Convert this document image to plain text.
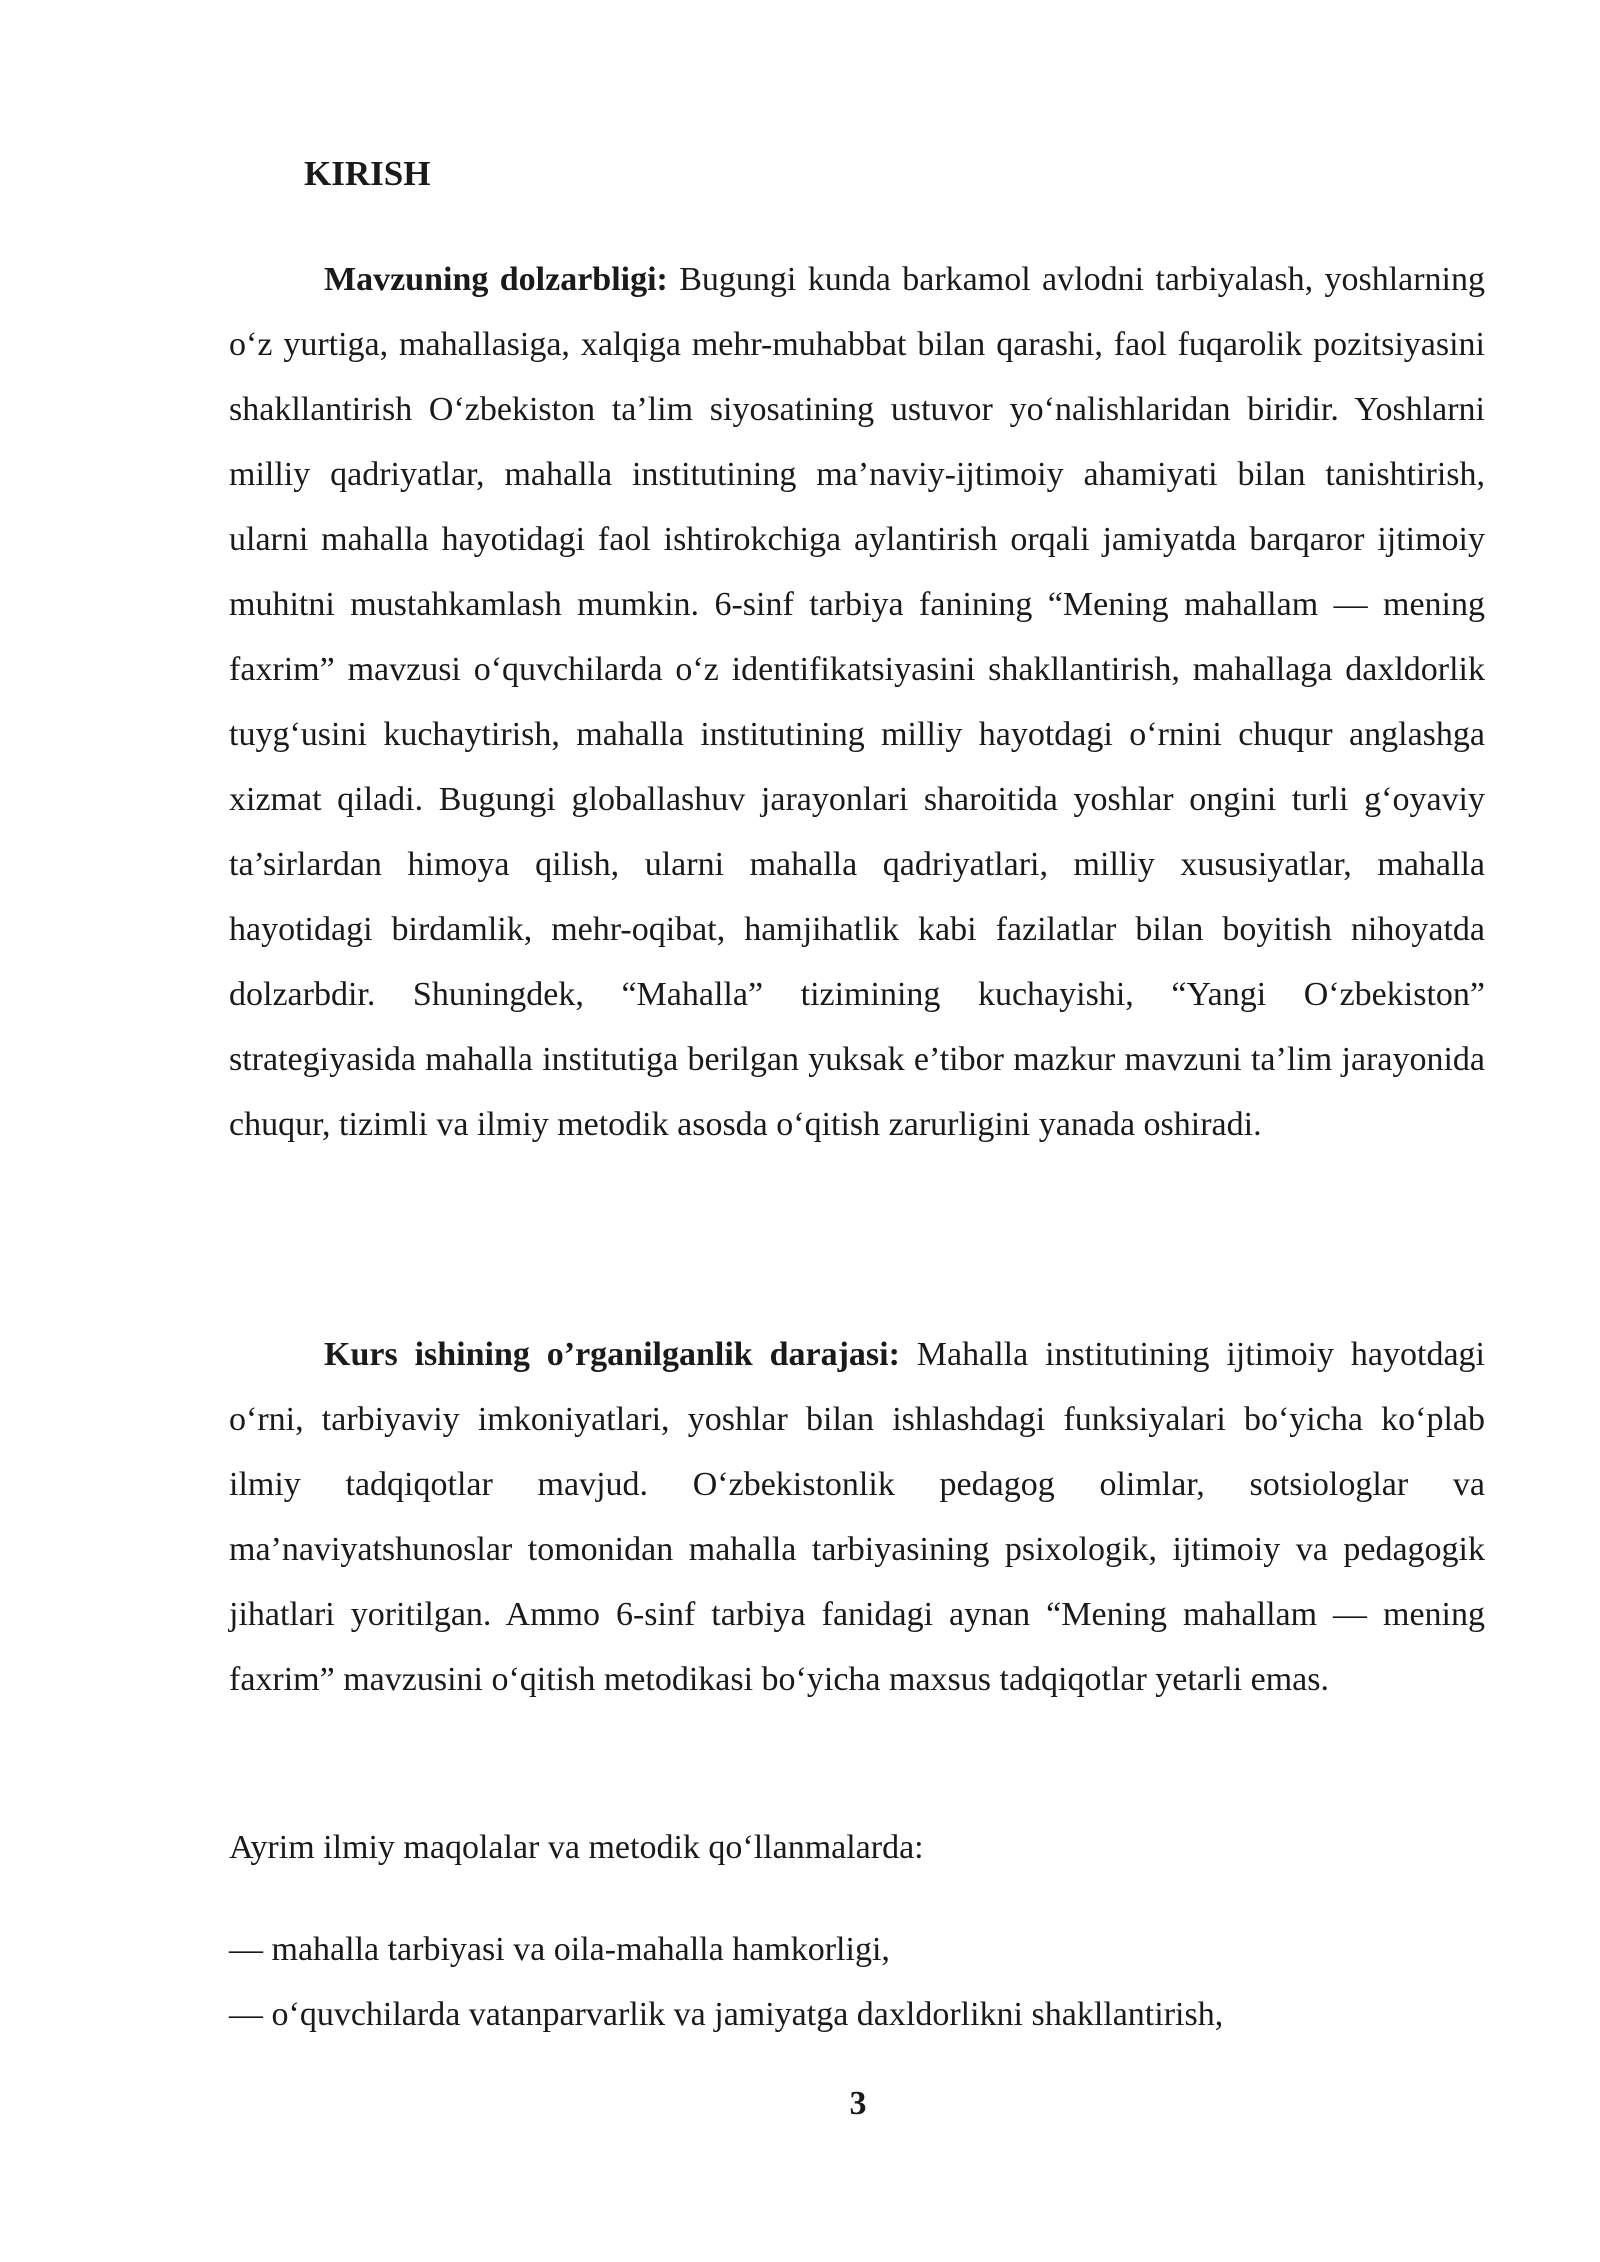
KIRISH

Mavzuning dolzarbligi: Bugungi kunda barkamol avlodni tarbiyalash, yoshlarning o‘z yurtiga, mahallasiga, xalqiga mehr-muhabbat bilan qarashi, faol fuqarolik pozitsiyasini shakllantirish O‘zbekiston ta’lim siyosatining ustuvor yo‘nalishlaridan biridir. Yoshlarni milliy qadriyatlar, mahalla institutining ma’naviy-ijtimoiy ahamiyati bilan tanishtirish, ularni mahalla hayotidagi faol ishtirokchiga aylantirish orqali jamiyatda barqaror ijtimoiy muhitni mustahkamlash mumkin. 6-sinf tarbiya fanining “Mening mahallam — mening faxrim” mavzusi o‘quvchilarda o‘z identifikatsiyasini shakllantirish, mahallaga daxldorlik tuyg‘usini kuchaytirish, mahalla institutining milliy hayotdagi o‘rnini chuqur anglashga xizmat qiladi. Bugungi globallashuv jarayonlari sharoitida yoshlar ongini turli g‘oyaviy ta’sirlardan himoya qilish, ularni mahalla qadriyatlari, milliy xususiyatlar, mahalla hayotidagi birdamlik, mehr-oqibat, hamjihatlik kabi fazilatlar bilan boyitish nihoyatda dolzarbdir. Shuningdek, “Mahalla” tizimining kuchayishi, “Yangi O‘zbekiston” strategiyasida mahalla institutiga berilgan yuksak e’tibor mazkur mavzuni ta’lim jarayonida chuqur, tizimli va ilmiy metodik asosda o‘qitish zarurligini yanada oshiradi.

Kurs ishining o’rganilganlik darajasi: Mahalla institutining ijtimoiy hayotdagi o‘rni, tarbiyaviy imkoniyatlari, yoshlar bilan ishlashdagi funksiyalari bo‘yicha ko‘plab ilmiy tadqiqotlar mavjud. O‘zbekistonlik pedagog olimlar, sotsiologlar va ma’naviyatshunoslar tomonidan mahalla tarbiyasining psixologik, ijtimoiy va pedagogik jihatlari yoritilgan. Ammo 6-sinf tarbiya fanidagi aynan “Mening mahallam — mening faxrim” mavzusini o‘qitish metodikasi bo‘yicha maxsus tadqiqotlar yetarli emas.

Ayrim ilmiy maqolalar va metodik qo‘llanmalarda:

— mahalla tarbiyasi va oila-mahalla hamkorligi,
— o‘quvchilarda vatanparvarlik va jamiyatga daxldorlikni shakllantirish,
3
